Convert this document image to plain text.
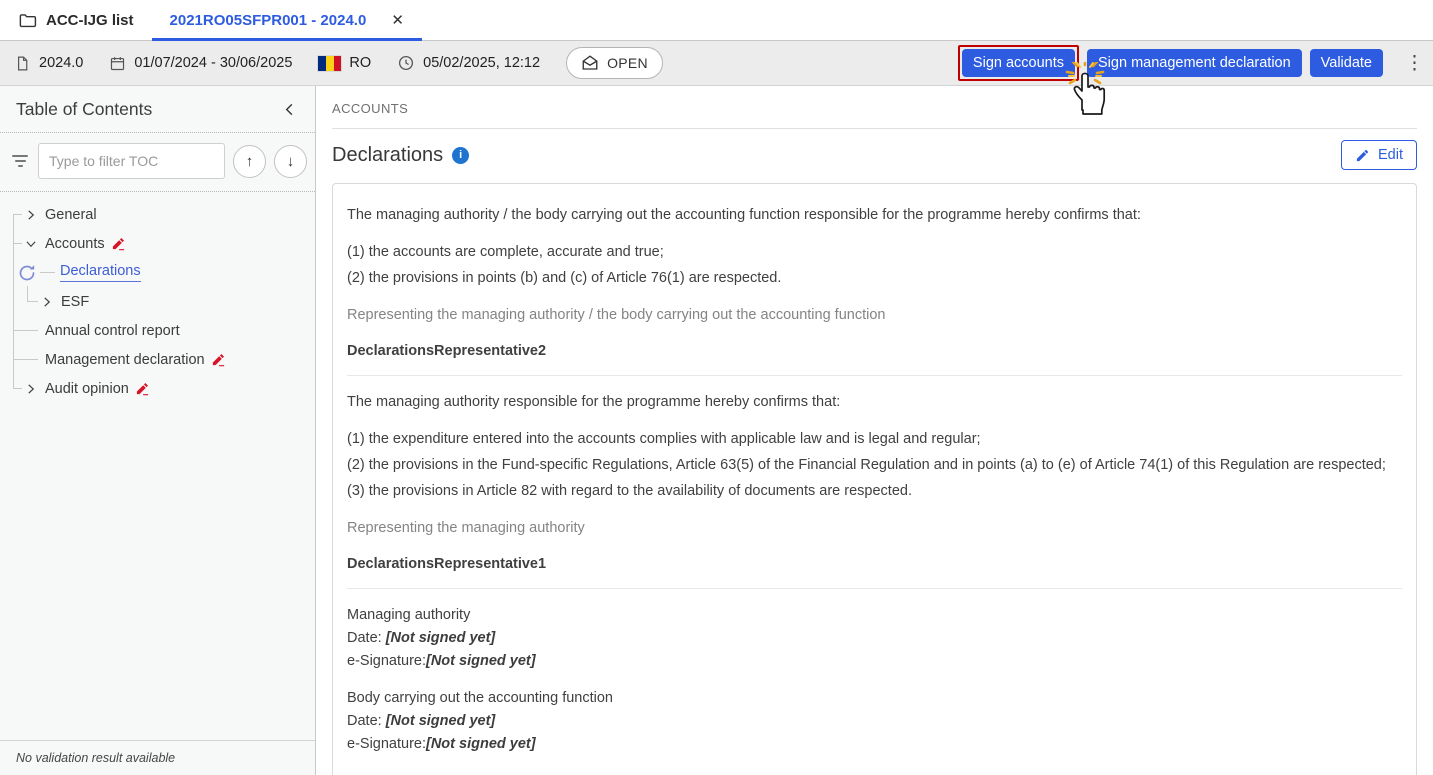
ACC-IJG list 2021RO05SFPR001 - 2024.0 ✕
2024.0	01/07/2024 - 30/06/2025	RO	05/02/2025, 12:12	OPEN	Sign accounts	Sign management declaration	Validate	⋮
Table of Contents
Type to filter TOC
↑ ↓
General
Accounts
Declarations
ESF
Annual control report
Management declaration
Audit opinion
No validation result available
ACCOUNTS
Declarations	i	Edit

The managing authority / the body carrying out the accounting function responsible for the programme hereby confirms that:

(1) the accounts are complete, accurate and true;

(2) the provisions in points (b) and (c) of Article 76(1) are respected.

Representing the managing authority / the body carrying out the accounting function

DeclarationsRepresentative2

The managing authority responsible for the programme hereby confirms that:

(1) the expenditure entered into the accounts complies with applicable law and is legal and regular;

(2) the provisions in the Fund-specific Regulations, Article 63(5) of the Financial Regulation and in points (a) to (e) of Article 74(1) of this Regulation are respected;

(3) the provisions in Article 82 with regard to the availability of documents are respected.

Representing the managing authority

DeclarationsRepresentative1

Managing authority

Date: [Not signed yet]

e-Signature:[Not signed yet]

Body carrying out the accounting function

Date: [Not signed yet]

e-Signature:[Not signed yet]
